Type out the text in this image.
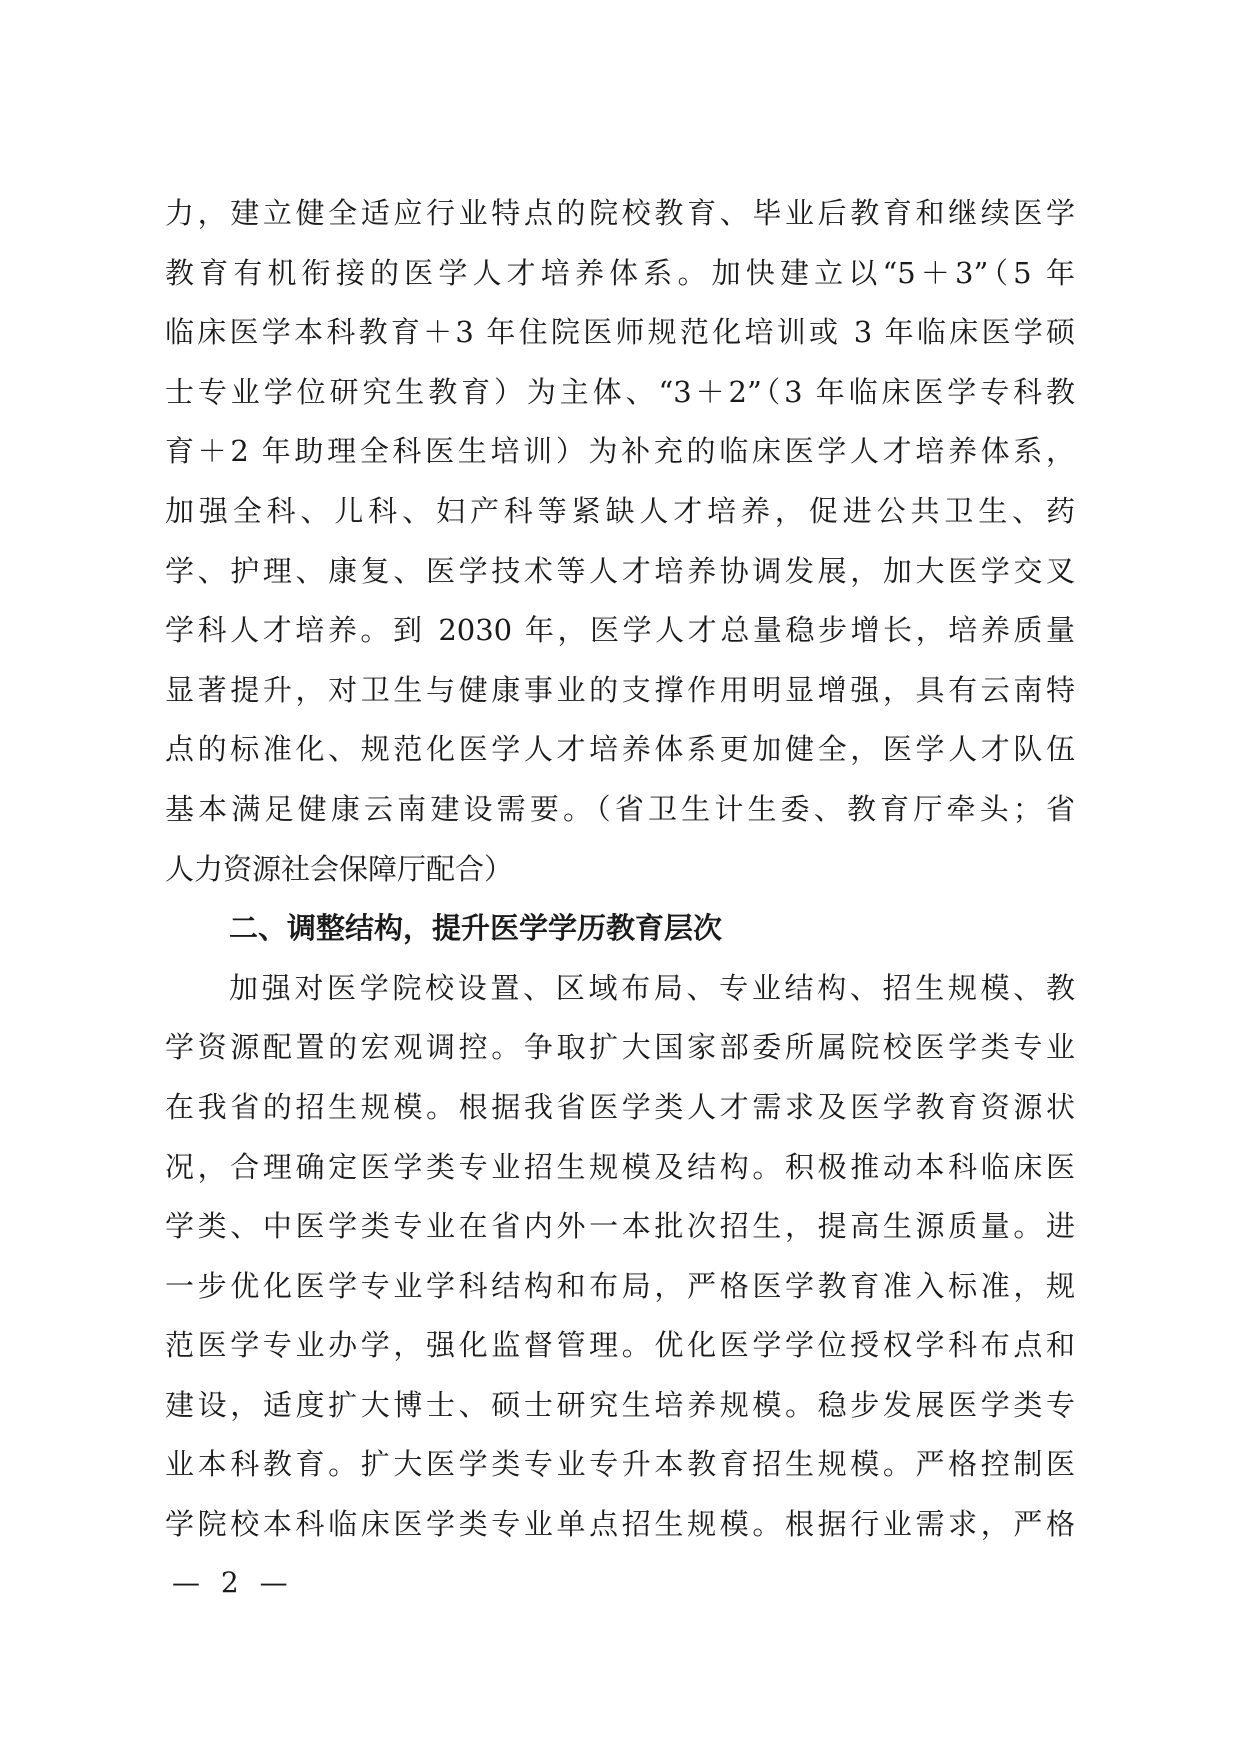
力，建立健全适应行业特点的院校教育、毕业后教育和继续医学
教育有机衔接的医学人才培养体系。加快建立以“5＋3”（5 年
临床医学本科教育＋3 年住院医师规范化培训或 3 年临床医学硕
士专业学位研究生教育）为主体、“3＋2”（3 年临床医学专科教
育＋2 年助理全科医生培训）为补充的临床医学人才培养体系，
加强全科、儿科、妇产科等紧缺人才培养，促进公共卫生、药
学、护理、康复、医学技术等人才培养协调发展，加大医学交叉
学科人才培养。到 2030 年，医学人才总量稳步增长，培养质量
显著提升，对卫生与健康事业的支撑作用明显增强，具有云南特
点的标准化、规范化医学人才培养体系更加健全，医学人才队伍
基本满足健康云南建设需要。（省卫生计生委、教育厅牵头；省
人力资源社会保障厅配合）
二、调整结构，提升医学学历教育层次
加强对医学院校设置、区域布局、专业结构、招生规模、教
学资源配置的宏观调控。争取扩大国家部委所属院校医学类专业
在我省的招生规模。根据我省医学类人才需求及医学教育资源状
况，合理确定医学类专业招生规模及结构。积极推动本科临床医
学类、中医学类专业在省内外一本批次招生，提高生源质量。进
一步优化医学专业学科结构和布局，严格医学教育准入标准，规
范医学专业办学，强化监督管理。优化医学学位授权学科布点和
建设，适度扩大博士、硕士研究生培养规模。稳步发展医学类专
业本科教育。扩大医学类专业专升本教育招生规模。严格控制医
学院校本科临床医学类专业单点招生规模。根据行业需求，严格
— 2 —
